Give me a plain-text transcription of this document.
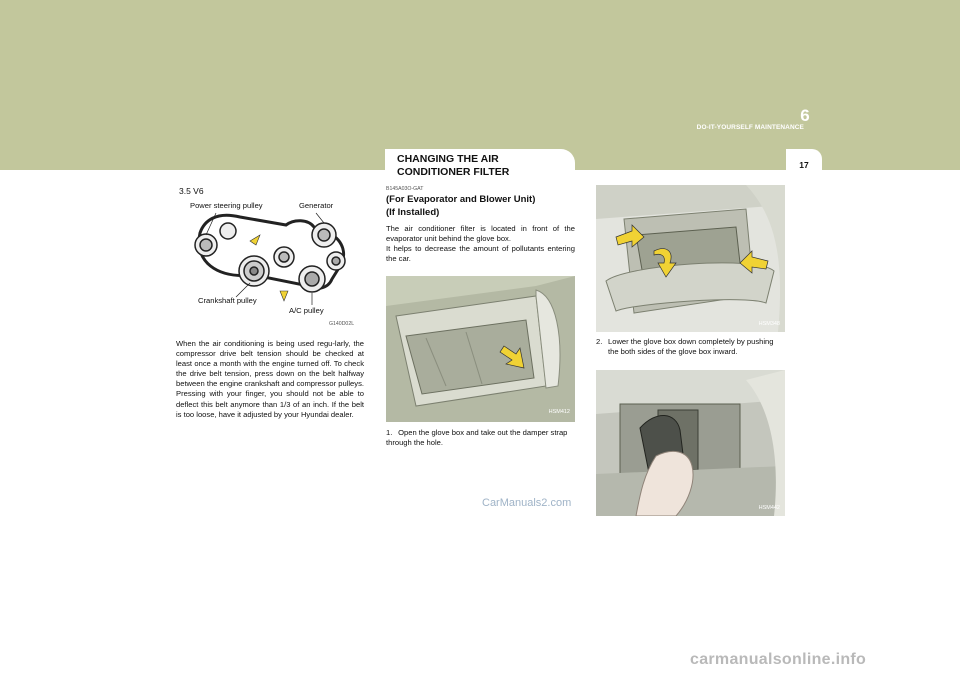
6
DO-IT-YOURSELF MAINTENANCE
17
CHANGING THE AIR CONDITIONER FILTER
3.5 V6
Power steering pulley	Generator
Crankshaft pulley
A/C pulley
G140D02L
When the air conditioning is being used regu-larly, the compressor drive belt tension should be checked at least once a month with the engine turned off. To check the drive belt tension, press down on the belt halfway between the engine crankshaft and compressor pulleys. Pressing with your finger, you should not be able to deflect this belt anymore than 1/3 of an inch. If the belt is too loose, have it adjusted by your Hyundai dealer.
B145A03O-GAT
(For Evaporator and Blower Unit)
(If Installed)
The air conditioner filter is located in front of the evaporator unit behind the glove box.
It helps to decrease the amount of pollutants entering the car.
HSM412
1. Open the glove box and take out the damper strap through the hole.
HSM348
2. Lower the glove box down completely by pushing the both sides of the glove box inward.
HSM442
CarManuals2.com
carmanualsonline.info
